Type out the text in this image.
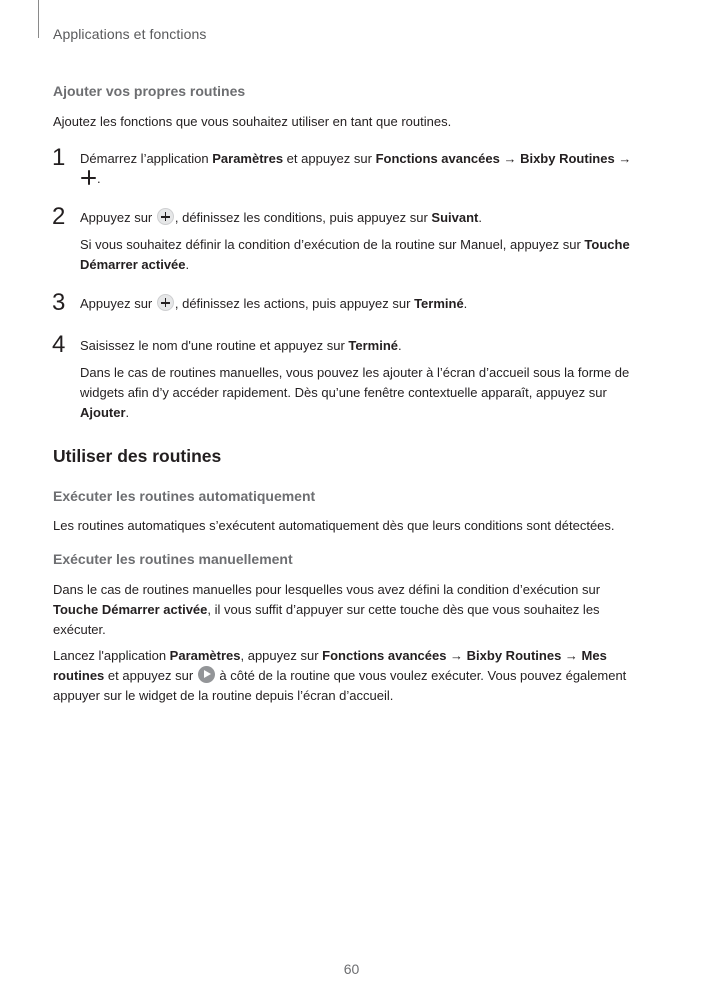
Applications et fonctions
Ajouter vos propres routines
Ajoutez les fonctions que vous souhaitez utiliser en tant que routines.
1 Démarrez l’application Paramètres et appuyez sur Fonctions avancées → Bixby Routines →
.
2 Appuyez sur , définissez les conditions, puis appuyez sur Suivant.
Si vous souhaitez définir la condition d’exécution de la routine sur Manuel, appuyez sur Touche Démarrer activée.
3 Appuyez sur , définissez les actions, puis appuyez sur Terminé.
4 Saisissez le nom d'une routine et appuyez sur Terminé.
Dans le cas de routines manuelles, vous pouvez les ajouter à l’écran d’accueil sous la forme de widgets afin d’y accéder rapidement. Dès qu’une fenêtre contextuelle apparaît, appuyez sur Ajouter.
Utiliser des routines
Exécuter les routines automatiquement
Les routines automatiques s’exécutent automatiquement dès que leurs conditions sont détectées.
Exécuter les routines manuellement
Dans le cas de routines manuelles pour lesquelles vous avez défini la condition d’exécution sur Touche Démarrer activée, il vous suffit d’appuyer sur cette touche dès que vous souhaitez les exécuter.
Lancez l'application Paramètres, appuyez sur Fonctions avancées → Bixby Routines → Mes routines et appuyez sur  à côté de la routine que vous voulez exécuter. Vous pouvez également appuyer sur le widget de la routine depuis l’écran d’accueil.
60
